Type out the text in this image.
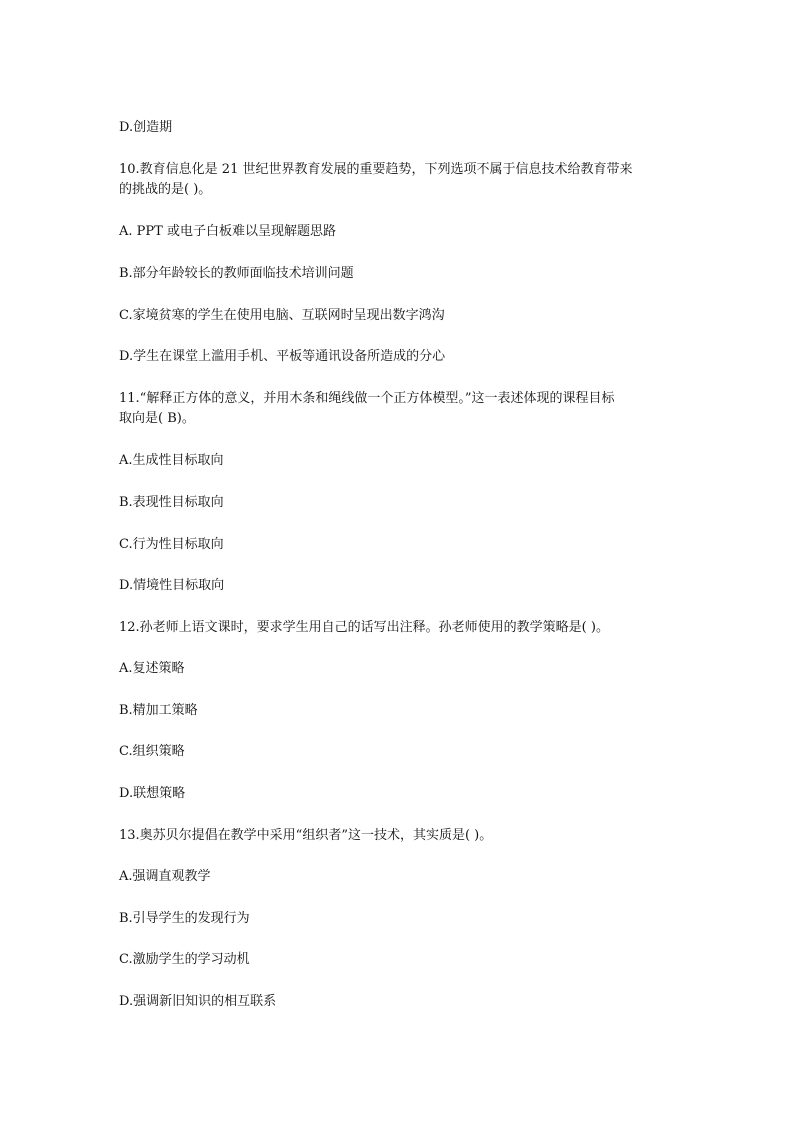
D.创造期
10.教育信息化是 21 世纪世界教育发展的重要趋势，下列选项不属于信息技术给教育带来
的挑战的是( )。
A. PPT 或电子白板难以呈现解题思路
B.部分年龄较长的教师面临技术培训问题
C.家境贫寒的学生在使用电脑、互联网时呈现出数字鸿沟
D.学生在课堂上滥用手机、平板等通讯设备所造成的分心
11.“解释正方体的意义，并用木条和绳线做一个正方体模型。”这一表述体现的课程目标
取向是( B)。
A.生成性目标取向
B.表现性目标取向
C.行为性目标取向
D.情境性目标取向
12.孙老师上语文课时，要求学生用自己的话写出注释。孙老师使用的教学策略是( )。
A.复述策略
B.精加工策略
C.组织策略
D.联想策略
13.奥苏贝尔提倡在教学中采用“组织者”这一技术，其实质是( )。
A.强调直观教学
B.引导学生的发现行为
C.激励学生的学习动机
D.强调新旧知识的相互联系
